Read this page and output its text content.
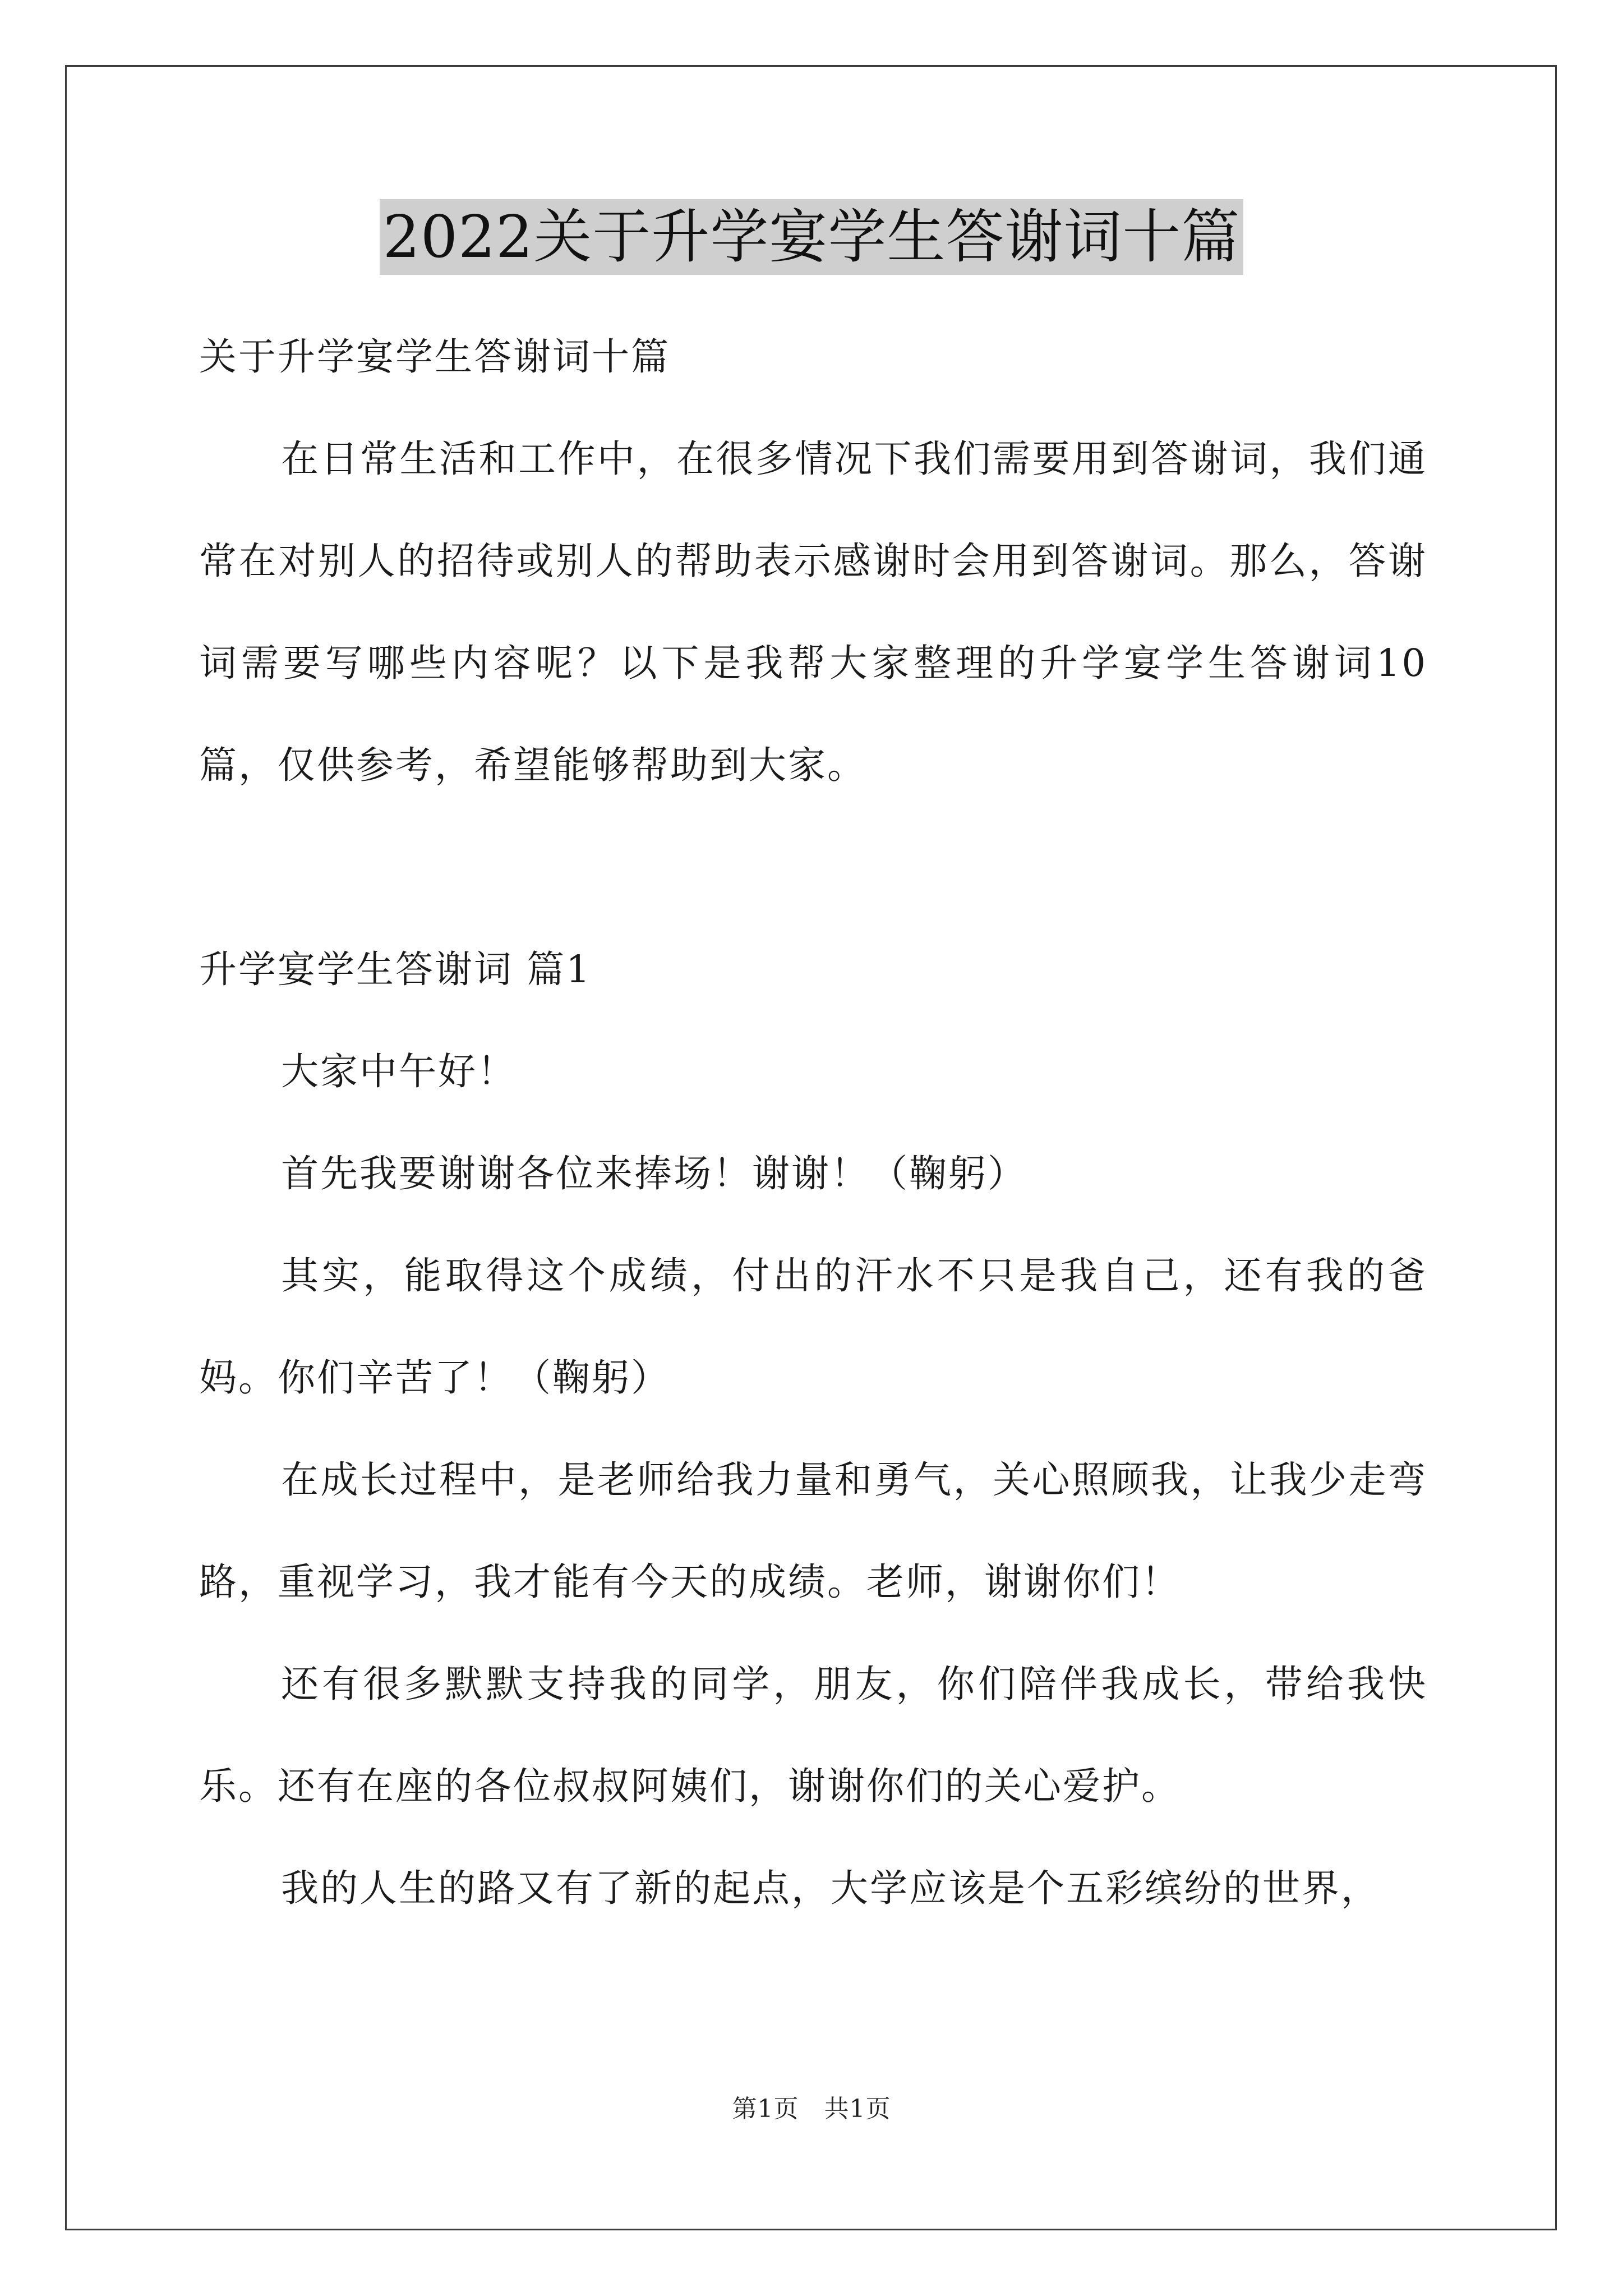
2022关于升学宴学生答谢词十篇
关于升学宴学生答谢词十篇

在日常生活和工作中，在很多情况下我们需要用到答谢词，我们通常在对别人的招待或别人的帮助表示感谢时会用到答谢词。那么，答谢词需要写哪些内容呢？以下是我帮大家整理的升学宴学生答谢词10篇，仅供参考，希望能够帮助到大家。

升学宴学生答谢词 篇1

大家中午好！

首先我要谢谢各位来捧场！谢谢！（鞠躬）

其实，能取得这个成绩，付出的汗水不只是我自己，还有我的爸妈。你们辛苦了！（鞠躬）

在成长过程中，是老师给我力量和勇气，关心照顾我，让我少走弯路，重视学习，我才能有今天的成绩。老师，谢谢你们！

还有很多默默支持我的同学，朋友，你们陪伴我成长，带给我快乐。还有在座的各位叔叔阿姨们，谢谢你们的关心爱护。

我的人生的路又有了新的起点，大学应该是个五彩缤纷的世界，

第1页　共1页
